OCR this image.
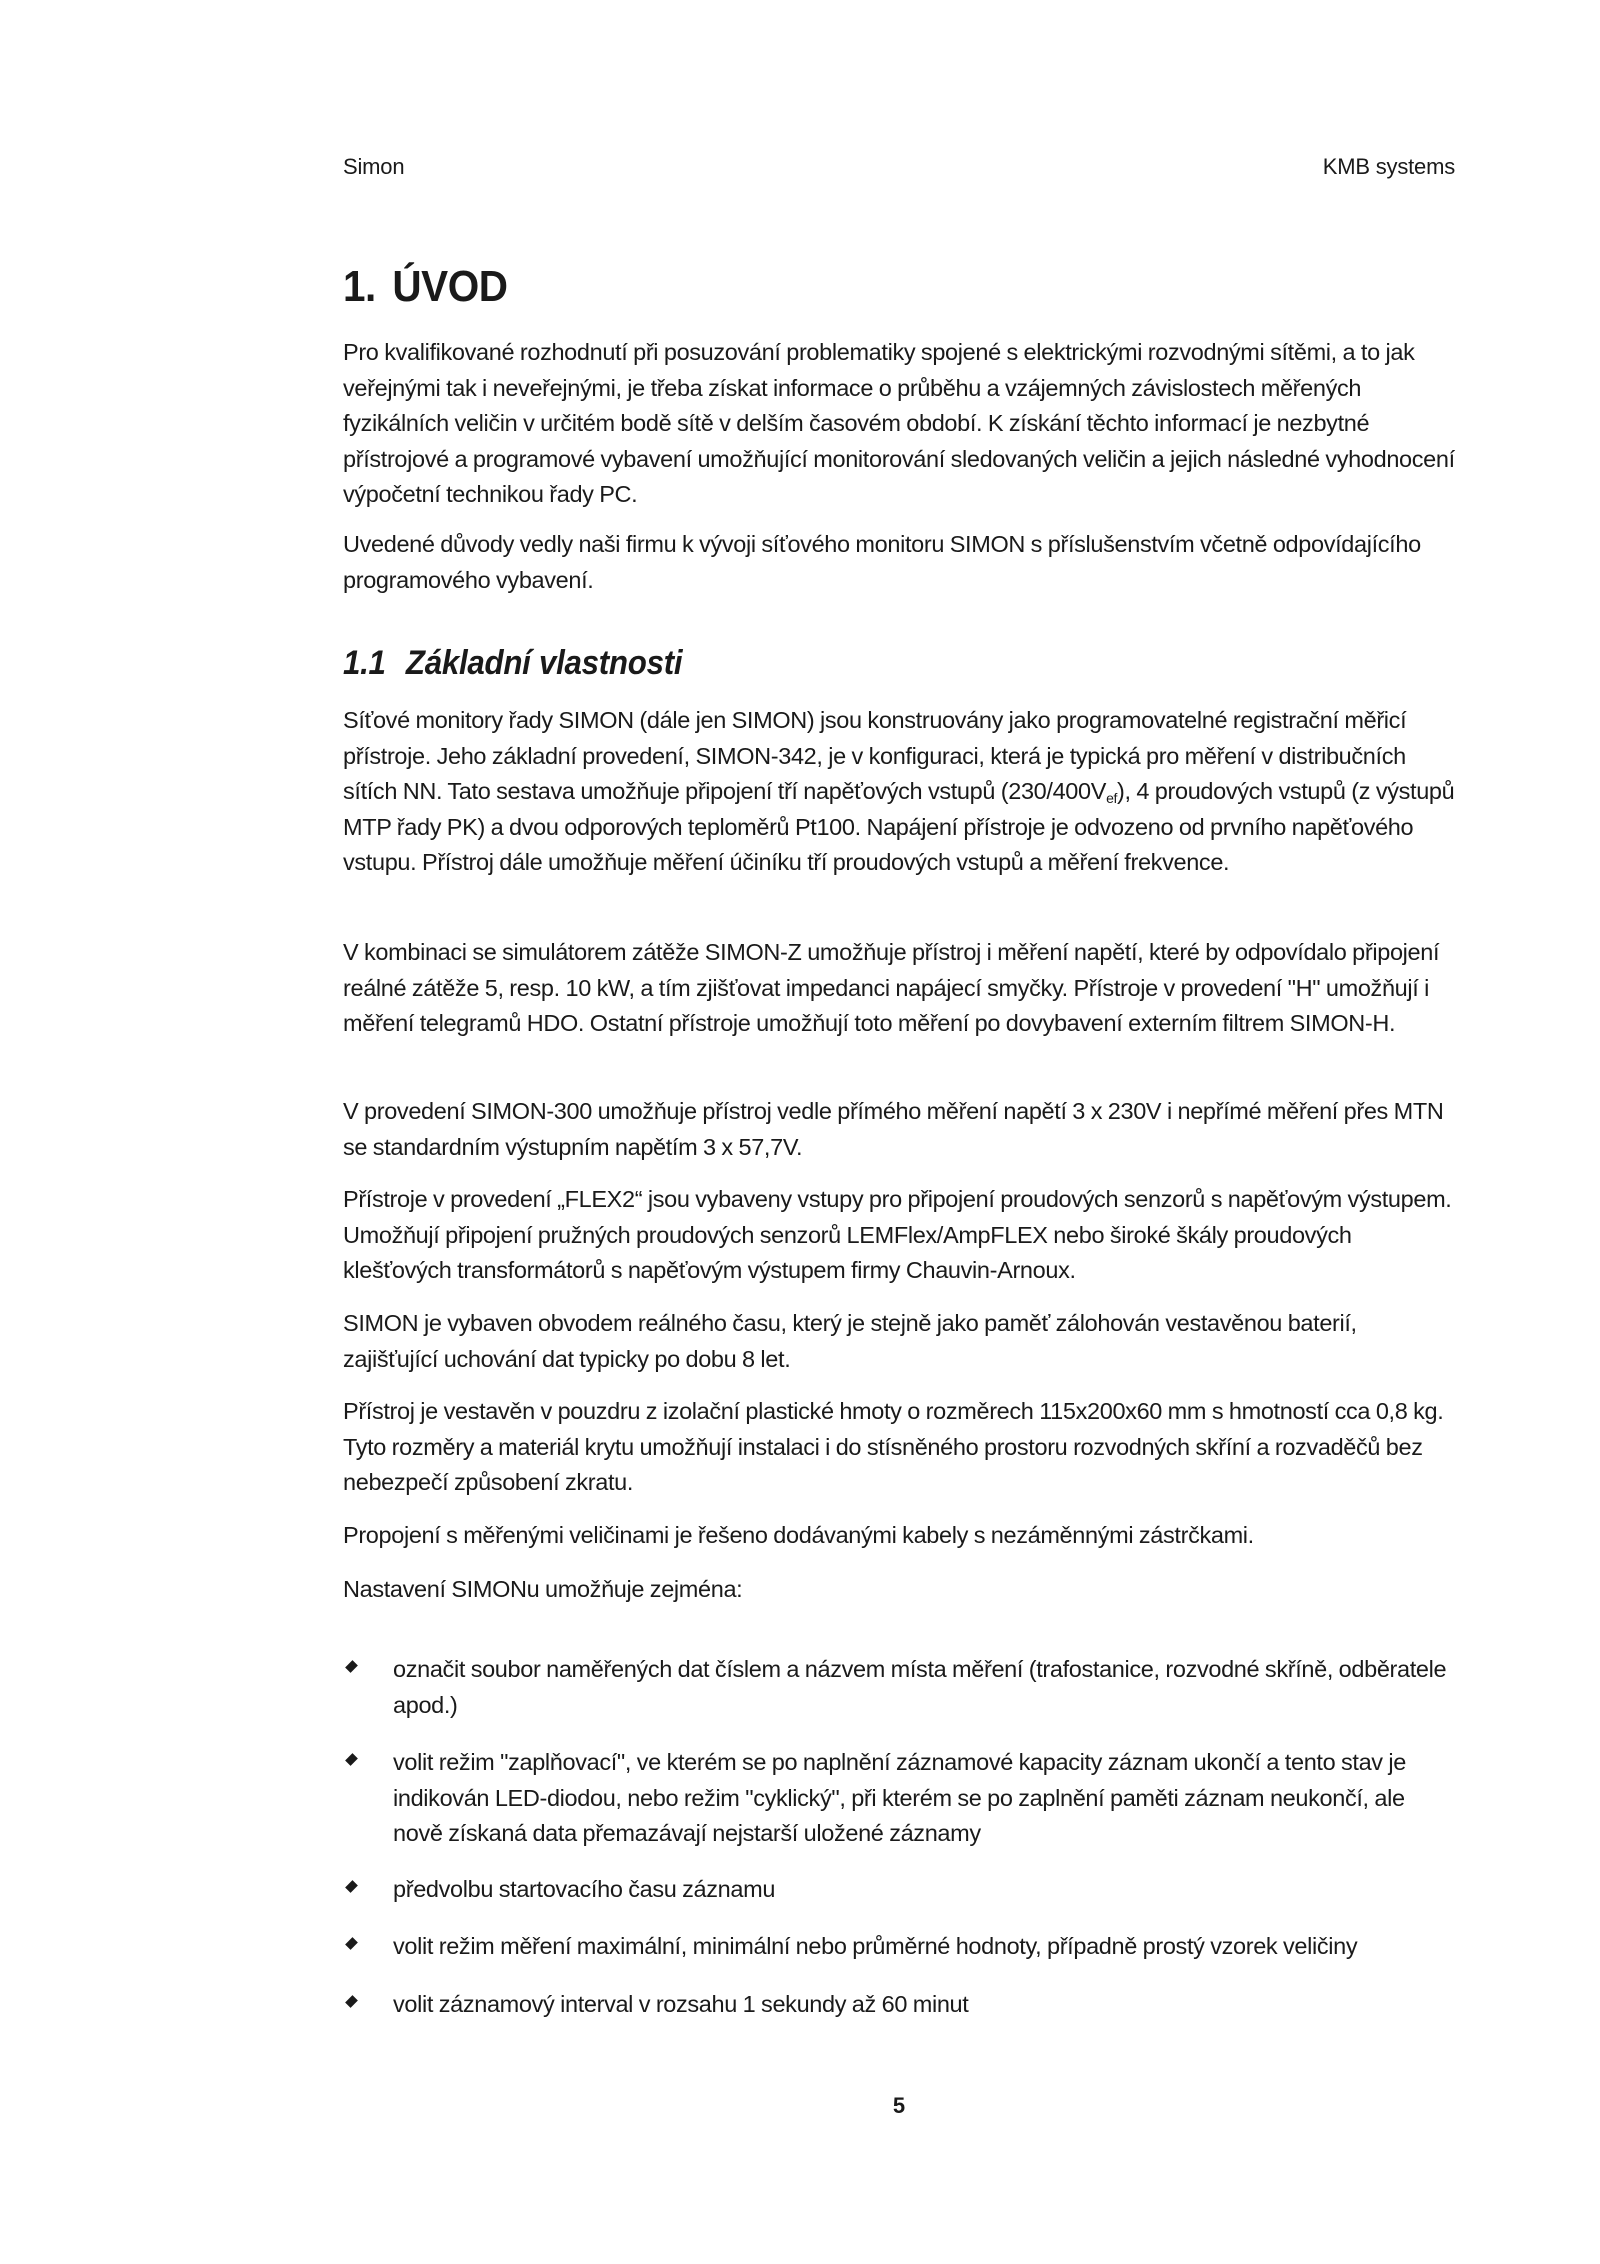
Simon	KMB systems
1. ÚVOD

Pro kvalifikované rozhodnutí při posuzování problematiky spojené s elektrickými rozvodnými sítěmi, a to jak veřejnými tak i neveřejnými, je třeba získat informace o průběhu a vzájemných závislostech měřených fyzikálních veličin v určitém bodě sítě v delším časovém období. K získání těchto informací je nezbytné přístrojové a programové vybavení umožňující monitorování sledovaných veličin a jejich následné vyhodnocení výpočetní technikou řady PC.

Uvedené důvody vedly naši firmu k vývoji síťového monitoru SIMON s příslušenstvím včetně odpovídajícího programového vybavení.

1.1 Základní vlastnosti

Síťové monitory řady SIMON (dále jen SIMON) jsou konstruovány jako programovatelné registrační měřicí přístroje. Jeho základní provedení, SIMON-342, je v konfiguraci, která je typická pro měření v distribučních sítích NN. Tato sestava umožňuje připojení tří napěťových vstupů $(230/400V_{ef})$, 4 proudových vstupů (z výstupů MTP řady PK) a dvou odporových teploměrů Pt100. Napájení přístroje je odvozeno od prvního napěťového vstupu. Přístroj dále umožňuje měření účiníku tří proudových vstupů a měření frekvence.

V kombinaci se simulátorem zátěže SIMON-Z umožňuje přístroj i měření napětí, které by odpovídalo připojení reálné zátěže 5, resp. 10 kW, a tím zjišťovat impedanci napájecí smyčky. Přístroje v provedení "H" umožňují i měření telegramů HDO. Ostatní přístroje umožňují toto měření po dovybavení externím filtrem SIMON-H.

V provedení SIMON-300 umožňuje přístroj vedle přímého měření napětí 3 x 230V i nepřímé měření přes MTN se standardním výstupním napětím 3 x 57,7V.

Přístroje v provedení „FLEX2“ jsou vybaveny vstupy pro připojení proudových senzorů s napěťovým výstupem. Umožňují připojení pružných proudových senzorů LEMFlex/AmpFLEX nebo široké škály proudových klešťových transformátorů s napěťovým výstupem firmy Chauvin-Arnoux.

SIMON je vybaven obvodem reálného času, který je stejně jako paměť zálohován vestavěnou baterií, zajišťující uchování dat typicky po dobu 8 let.

Přístroj je vestavěn v pouzdru z izolační plastické hmoty o rozměrech 115x200x60 mm s hmotností cca 0,8 kg. Tyto rozměry a materiál krytu umožňují instalaci i do stísněného prostoru rozvodných skříní a rozvaděčů bez nebezpečí způsobení zkratu.

Propojení s měřenými veličinami je řešeno dodávanými kabely s nezáměnnými zástrčkami.

Nastavení SIMONu umožňuje zejména:

označit soubor naměřených dat číslem a názvem místa měření (trafostanice, rozvodné skříně, odběratele apod.)
volit režim "zaplňovací", ve kterém se po naplnění záznamové kapacity záznam ukončí a tento stav je indikován LED-diodou, nebo režim "cyklický", při kterém se po zaplnění paměti záznam neukončí, ale nově získaná data přemazávají nejstarší uložené záznamy
předvolbu startovacího času záznamu
volit režim měření maximální, minimální nebo průměrné hodnoty, případně prostý vzorek veličiny
volit záznamový interval v rozsahu 1 sekundy až 60 minut
5
